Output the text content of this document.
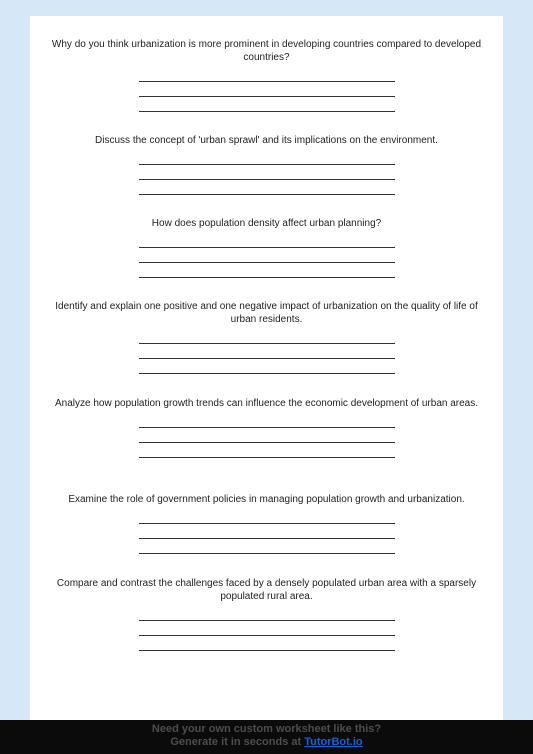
Why do you think urbanization is more prominent in developing countries compared to developed countries?

Discuss the concept of 'urban sprawl' and its implications on the environment.

How does population density affect urban planning?

Identify and explain one positive and one negative impact of urbanization on the quality of life of urban residents.

Analyze how population growth trends can influence the economic development of urban areas.

Examine the role of government policies in managing population growth and urbanization.

Compare and contrast the challenges faced by a densely populated urban area with a sparsely populated rural area.

Need your own custom worksheet like this?
Generate it in seconds at TutorBot.io
